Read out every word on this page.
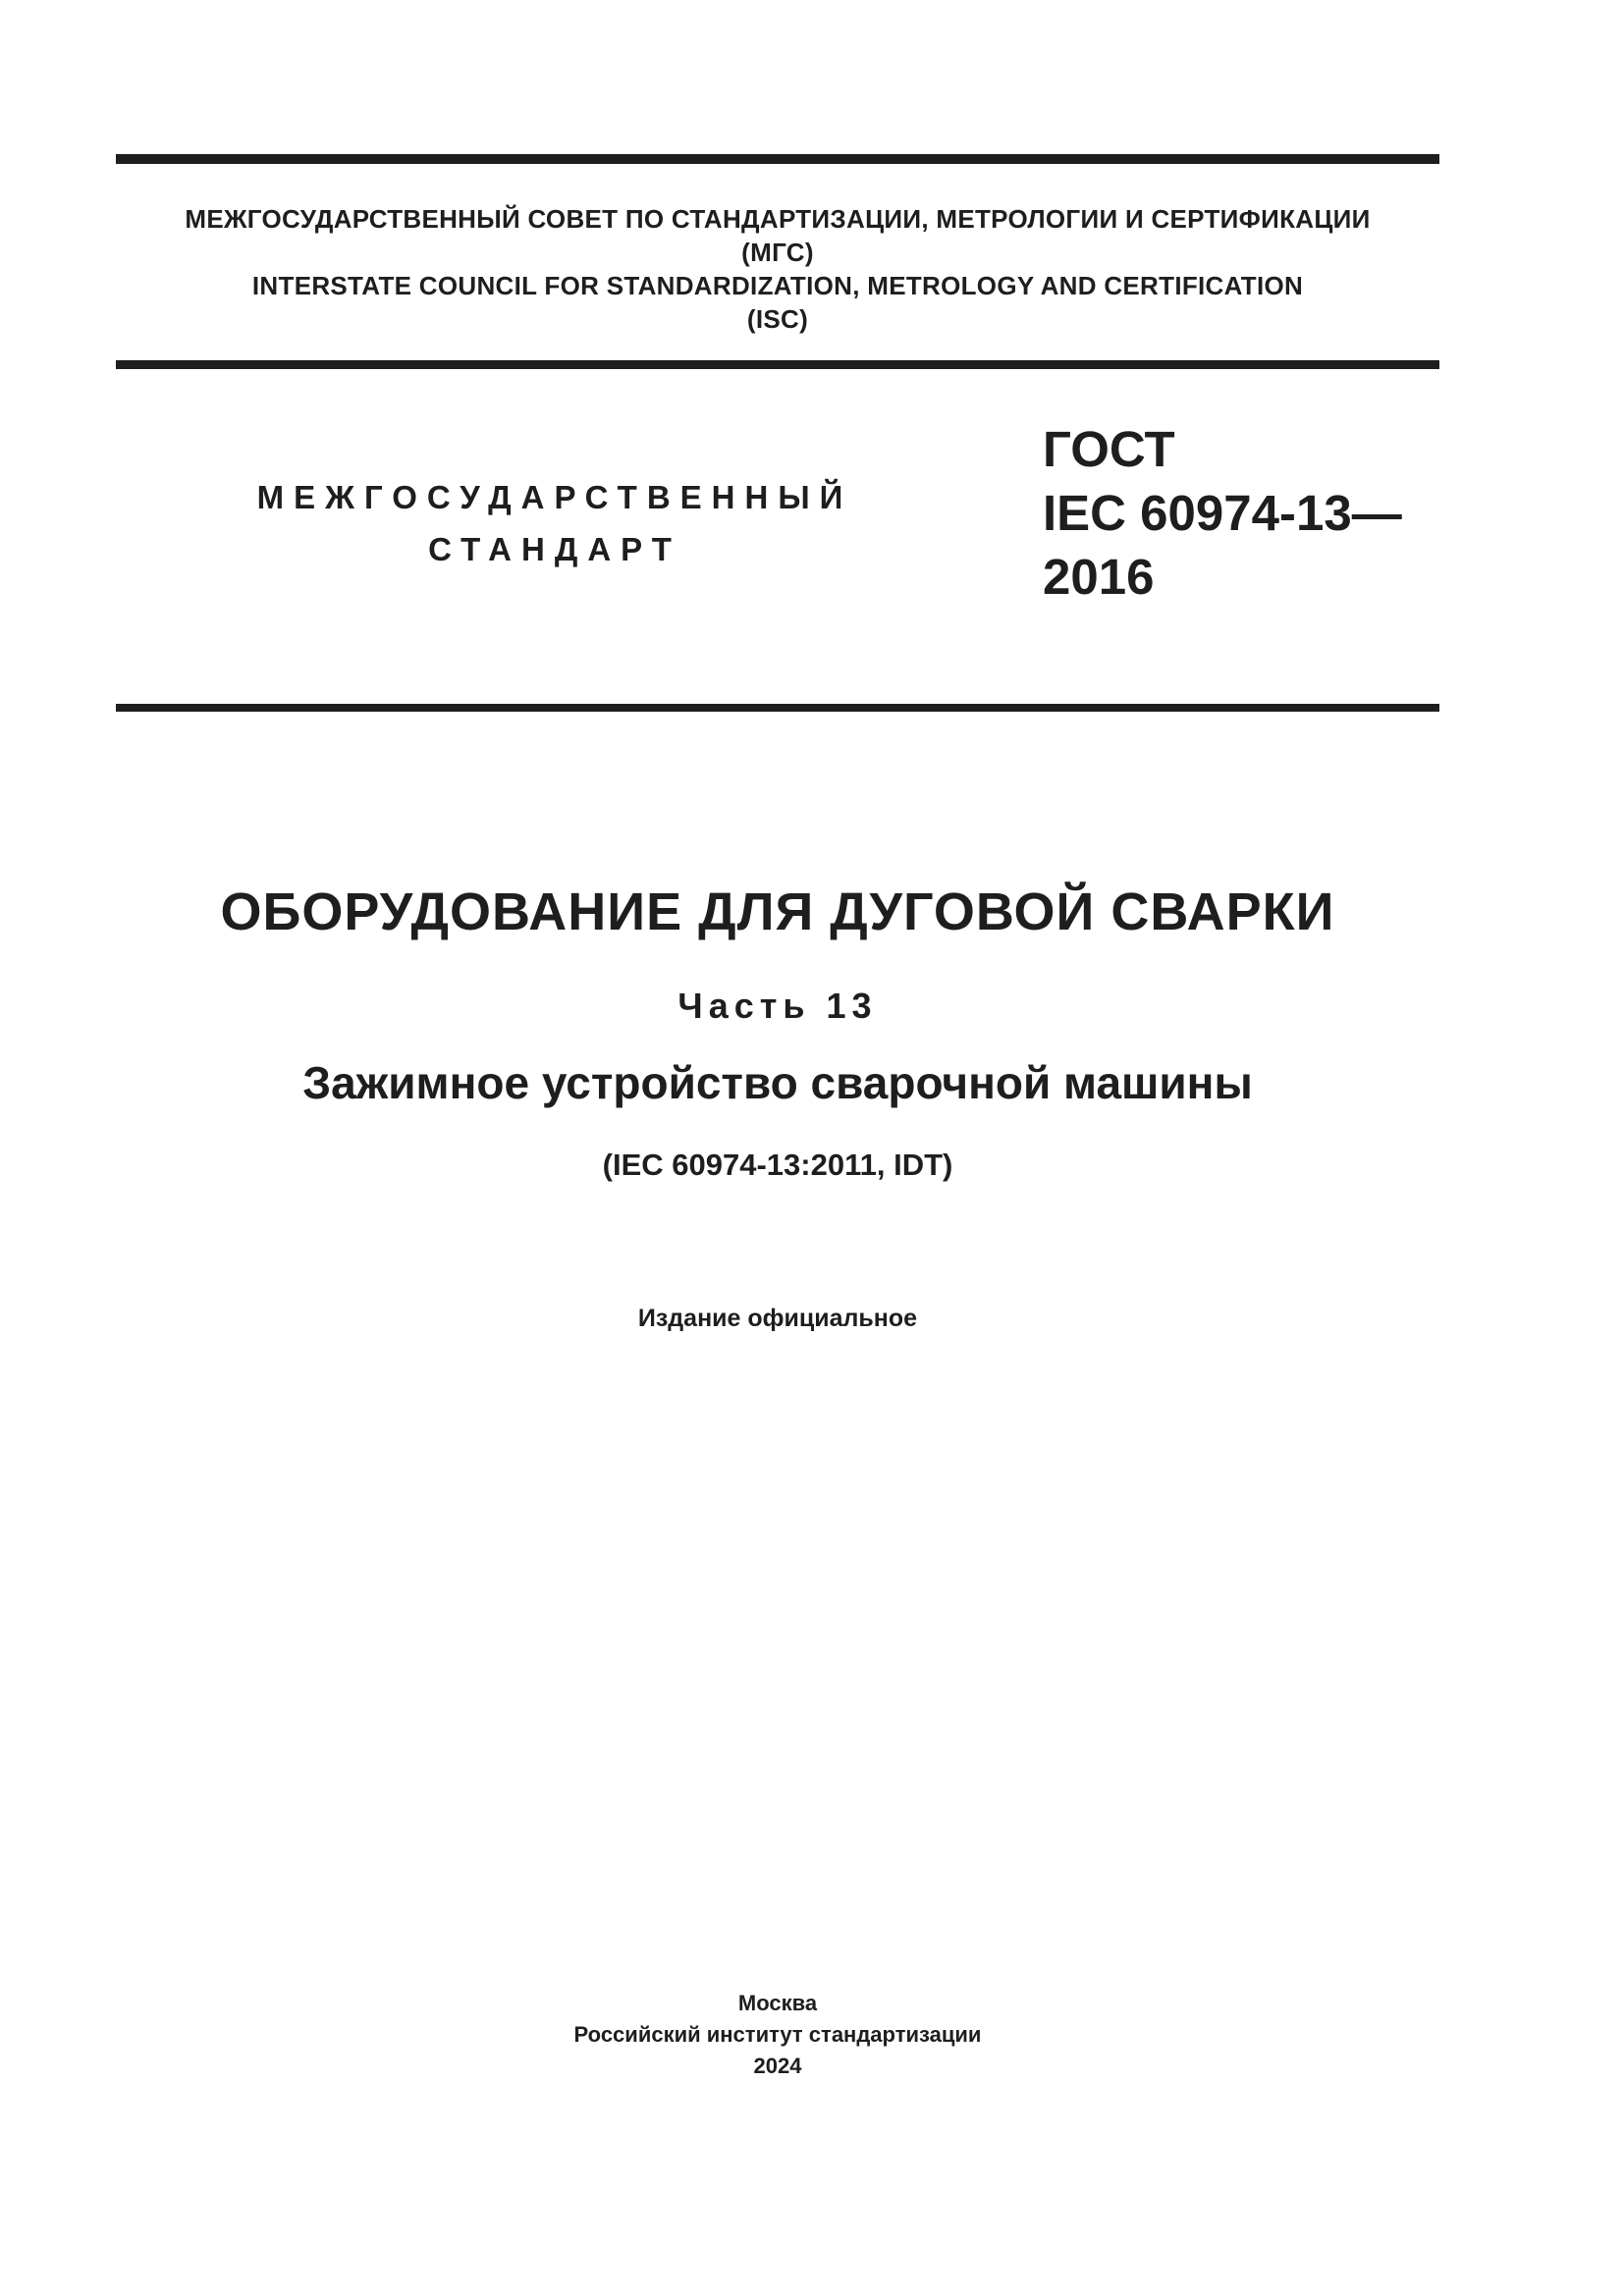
МЕЖГОСУДАРСТВЕННЫЙ СОВЕТ ПО СТАНДАРТИЗАЦИИ, МЕТРОЛОГИИ И СЕРТИФИКАЦИИ
(МГС)
INTERSTATE COUNCIL FOR STANDARDIZATION, METROLOGY AND CERTIFICATION
(ISC)
МЕЖГОСУДАРСТВЕННЫЙ
СТАНДАРТ
ГОСТ
IEC 60974-13—
2016
ОБОРУДОВАНИЕ ДЛЯ ДУГОВОЙ СВАРКИ
Часть 13
Зажимное устройство сварочной машины
(IEC 60974-13:2011, IDT)
Издание официальное
Москва
Российский институт стандартизации
2024
